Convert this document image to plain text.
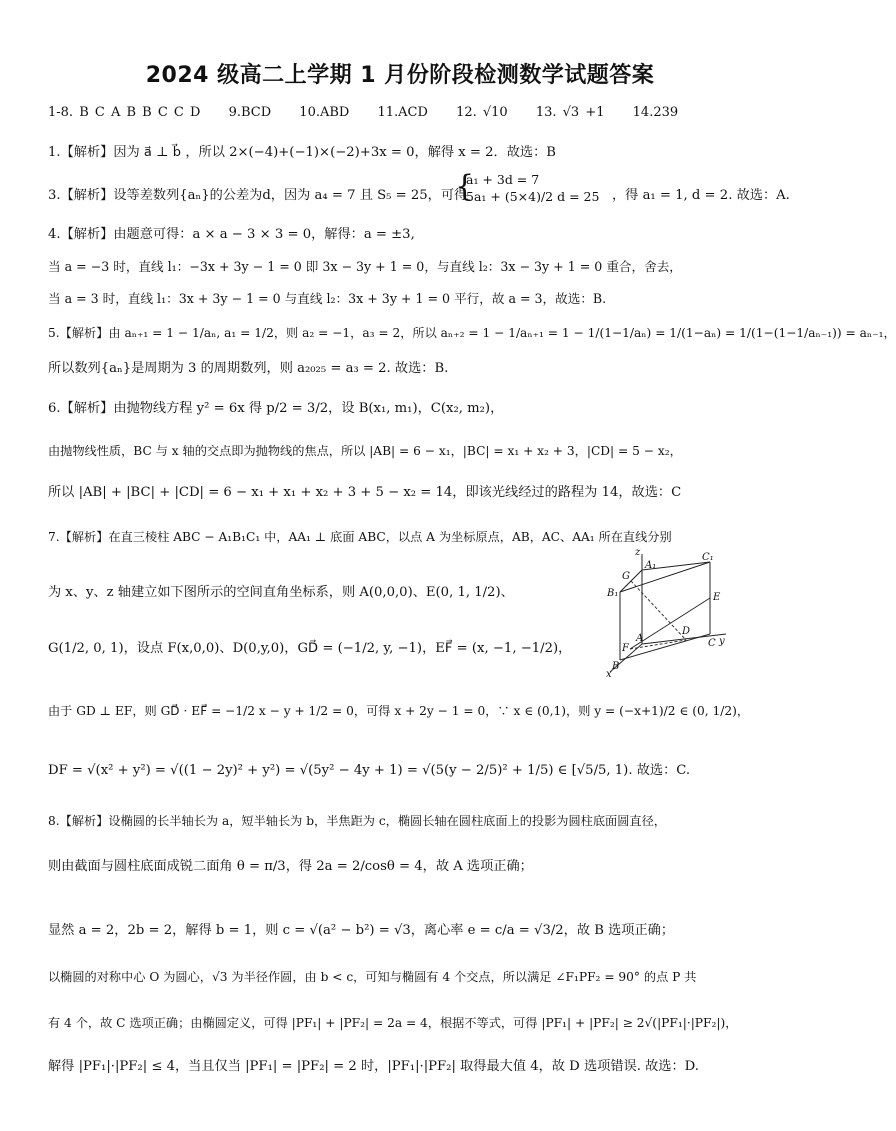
2024 级高二上学期 1 月份阶段检测数学试题答案
1-8. B C A B B C C D 9.BCD 10.ABD 11.ACD 12. √10 13. √3 +1 14.239
1.【解析】因为 a⃗ ⊥ b⃗ ，所以 2×(−4)+(−1)×(−2)+3x = 0，解得 x = 2．故选：B
3.【解析】设等差数列{aₙ}的公差为d，因为 a₄ = 7 且 S₅ = 25，可得
{
a₁ + 3d = 7
5a₁ + (5×4)/2 d = 25 ，得 a₁ = 1, d = 2. 故选：A.
4.【解析】由题意可得：a × a − 3 × 3 = 0，解得：a = ±3,
当 a = −3 时，直线 l₁：−3x + 3y − 1 = 0 即 3x − 3y + 1 = 0，与直线 l₂：3x − 3y + 1 = 0 重合，舍去，
当 a = 3 时，直线 l₁：3x + 3y − 1 = 0 与直线 l₂：3x + 3y + 1 = 0 平行，故 a = 3，故选：B.
5.【解析】由 aₙ₊₁ = 1 − 1/aₙ, a₁ = 1/2，则 a₂ = −1，a₃ = 2，所以 aₙ₊₂ = 1 − 1/aₙ₊₁ = 1 − 1/(1−1/aₙ) = 1/(1−aₙ) = 1/(1−(1−1/aₙ₋₁)) = aₙ₋₁，
所以数列{aₙ}是周期为 3 的周期数列，则 a₂₀₂₅ = a₃ = 2. 故选：B.
6.【解析】由抛物线方程 y² = 6x 得 p/2 = 3/2，设 B(x₁, m₁)，C(x₂, m₂)，
由抛物线性质，BC 与 x 轴的交点即为抛物线的焦点，所以 |AB| = 6 − x₁，|BC| = x₁ + x₂ + 3，|CD| = 5 − x₂，
所以 |AB| + |BC| + |CD| = 6 − x₁ + x₁ + x₂ + 3 + 5 − x₂ = 14，即该光线经过的路程为 14，故选：C
7.【解析】在直三棱柱 ABC − A₁B₁C₁ 中，AA₁ ⊥ 底面 ABC，以点 A 为坐标原点，AB，AC、AA₁ 所在直线分别
为 x、y、z 轴建立如下图所示的空间直角坐标系，则 A(0,0,0)、E(0, 1, 1/2)、
G(1/2, 0, 1)，设点 F(x,0,0)、D(0,y,0)，GD⃗ = (−1/2, y, −1)，EF⃗ = (x, −1, −1/2)，
由于 GD ⊥ EF，则 GD⃗ · EF⃗ = −1/2 x − y + 1/2 = 0，可得 x + 2y − 1 = 0，∵ x ∈ (0,1)，则 y = (−x+1)/2 ∈ (0, 1/2)，
DF = √(x² + y²) = √((1 − 2y)² + y²) = √(5y² − 4y + 1) = √(5(y − 2/5)² + 1/5) ∈ [√5/5, 1). 故选：C.
8.【解析】设椭圆的长半轴长为 a，短半轴长为 b，半焦距为 c，椭圆长轴在圆柱底面上的投影为圆柱底面圆直径，
则由截面与圆柱底面成锐二面角 θ = π/3，得 2a = 2/cosθ = 4，故 A 选项正确；
显然 a = 2，2b = 2，解得 b = 1，则 c = √(a² − b²) = √3，离心率 e = c/a = √3/2，故 B 选项正确；
以椭圆的对称中心 O 为圆心，√3 为半径作圆，由 b < c，可知与椭圆有 4 个交点，所以满足 ∠F₁PF₂ = 90° 的点 P 共
有 4 个，故 C 选项正确；由椭圆定义，可得 |PF₁| + |PF₂| = 2a = 4，根据不等式，可得 |PF₁| + |PF₂| ≥ 2√(|PF₁|·|PF₂|)，
解得 |PF₁|·|PF₂| ≤ 4，当且仅当 |PF₁| = |PF₂| = 2 时，|PF₁|·|PF₂| 取得最大值 4，故 D 选项错误. 故选：D.
z
A₁
C₁
G
B₁	E
D
A
F	C y
B
x
